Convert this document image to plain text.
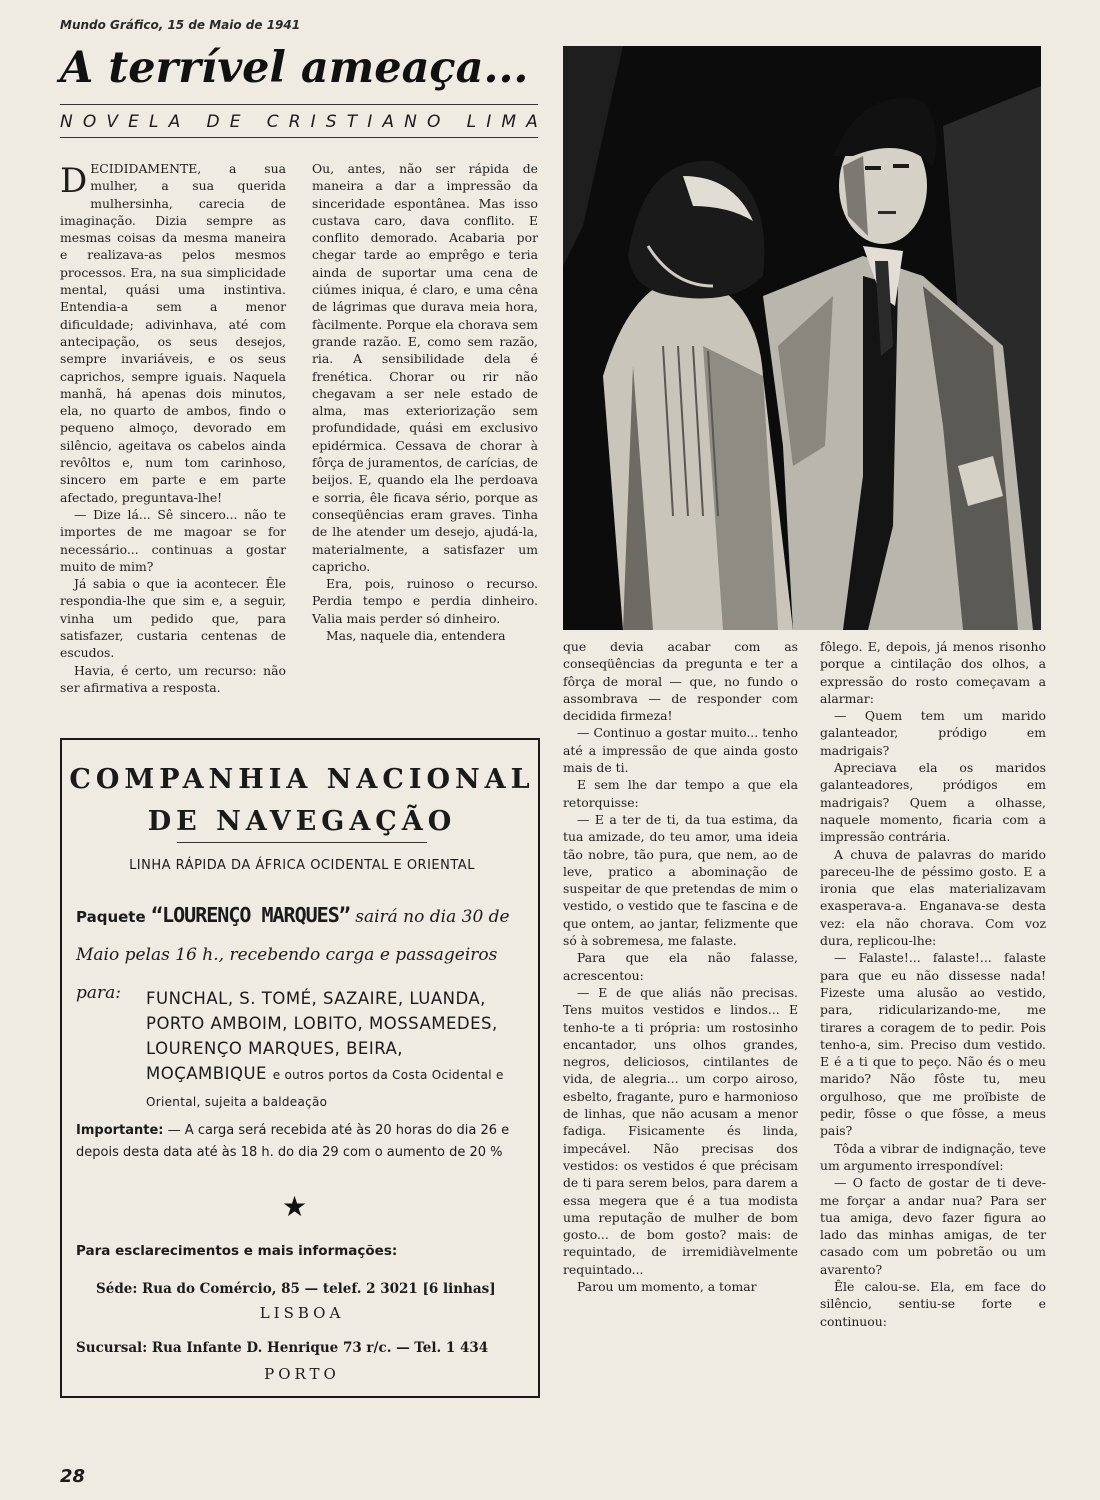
Mundo Gráfico, 15 de Maio de 1941
A terrível ameaça...
N O V E L A D E C R I S T I A N O L I M A

DECIDIDAMENTE, a sua mulher, a sua querida mulhersinha, carecia de imaginação. Dizia sempre as mesmas coisas da mesma maneira e realizava-as pelos mesmos processos. Era, na sua simplicidade mental, quási uma instintiva. Entendia-a sem a menor dificuldade; adivinhava, até com antecipação, os seus desejos, sempre invariáveis, e os seus caprichos, sempre iguais. Naquela manhã, há apenas dois minutos, ela, no quarto de ambos, findo o pequeno almoço, devorado em silêncio, ageitava os cabelos ainda revôltos e, num tom carinhoso, sincero em parte e em parte afectado, preguntava-lhe!

— Dize lá... Sê sincero... não te importes de me magoar se for necessário... continuas a gostar muito de mim?

Já sabia o que ia acontecer. Êle respondia-lhe que sim e, a seguir, vinha um pedido que, para satisfazer, custaria centenas de escudos.

Havia, é certo, um recurso: não ser afirmativa a resposta.

Ou, antes, não ser rápida de maneira a dar a impressão da sinceridade espontânea. Mas isso custava caro, dava conflito. E conflito demorado. Acabaria por chegar tarde ao emprêgo e teria ainda de suportar uma cena de ciúmes iniqua, é claro, e uma cêna de lágrimas que durava meia hora, fàcilmente. Porque ela chorava sem grande razão. E, como sem razão, ria. A sensibilidade dela é frenética. Chorar ou rir não chegavam a ser nele estado de alma, mas exteriorização sem profundidade, quási em exclusivo epidérmica. Cessava de chorar à fôrça de juramentos, de carícias, de beijos. E, quando ela lhe perdoava e sorria, êle ficava sério, porque as conseqüências eram graves. Tinha de lhe atender um desejo, ajudá-la, materialmente, a satisfazer um capricho.

Era, pois, ruinoso o recurso. Perdia tempo e perdia dinheiro. Valia mais perder só dinheiro.

Mas, naquele dia, entendera

que devia acabar com as conseqüências da pregunta e ter a fôrça de moral — que, no fundo o assombrava — de responder com decidida firmeza!

— Continuo a gostar muito... tenho até a impressão de que ainda gosto mais de ti.

E sem lhe dar tempo a que ela retorquisse:

— E a ter de ti, da tua estima, da tua amizade, do teu amor, uma ideia tão nobre, tão pura, que nem, ao de leve, pratico a abominação de suspeitar de que pretendas de mim o vestido, o vestido que te fascina e de que ontem, ao jantar, felizmente que só à sobremesa, me falaste.

Para que ela não falasse, acrescentou:

— E de que aliás não precisas. Tens muitos vestidos e lindos... E tenho-te a ti própria: um rostosinho encantador, uns olhos grandes, negros, deliciosos, cintilantes de vida, de alegria... um corpo airoso, esbelto, fragante, puro e harmonioso de linhas, que não acusam a menor fadiga. Fisicamente és linda, impecável. Não precisas dos vestidos: os vestidos é que précisam de ti para serem belos, para darem a essa megera que é a tua modista uma reputação de mulher de bom gosto... de bom gosto? mais: de requintado, de irremidiàvelmente requintado...

Parou um momento, a tomar

fôlego. E, depois, já menos risonho porque a cintilação dos olhos, a expressão do rosto começavam a alarmar:

— Quem tem um marido galanteador, pródigo em madrigais?

Apreciava ela os maridos galanteadores, pródigos em madrigais? Quem a olhasse, naquele momento, ficaria com a impressão contrária.

A chuva de palavras do marido pareceu-lhe de péssimo gosto. E a ironia que elas materializavam exasperava-a. Enganava-se desta vez: ela não chorava. Com voz dura, replicou-lhe:

— Falaste!... falaste!... falaste para que eu não dissesse nada! Fizeste uma alusão ao vestido, para, ridicularizando-me, me tirares a coragem de to pedir. Pois tenho-a, sim. Preciso dum vestido. E é a ti que to peço. Não és o meu marido? Não fôste tu, meu orgulhoso, que me proïbiste de pedir, fôsse o que fôsse, a meus pais?

Tôda a vibrar de indignação, teve um argumento irrespondível:

— O facto de gostar de ti deve-me forçar a andar nua? Para ser tua amiga, devo fazer figura ao lado das minhas amigas, de ter casado com um pobretão ou um avarento?

Êle calou-se. Ela, em face do silêncio, sentiu-se forte e continuou:

COMPANHIA NACIONAL
DE NAVEGAÇÃO
LINHA RÁPIDA DA ÁFRICA OCIDENTAL E ORIENTAL
Paquete “LOURENÇO MARQUES” sairá no dia 30 de
Maio pelas 16 h., recebendo carga e passageiros para:	FUNCHAL, S. TOMÉ, SAZAIRE, LUANDA, PORTO AMBOIM, LOBITO, MOSSAMEDES, LOURENÇO MARQUES, BEIRA, MOÇAMBIQUE e outros portos da Costa Ocidental e Oriental, sujeita a baldeação
Importante: — A carga será recebida até às 20 horas do dia 26 e depois desta data até às 18 h. do dia 29 com o aumento de 20 %
★
Para esclarecimentos e mais informações:
Séde: Rua do Comércio, 85 — telef. 2 3021 [6 linhas]
LISBOA
Sucursal: Rua Infante D. Henrique 73 r/c. — Tel. 1 434
PORTO
28
